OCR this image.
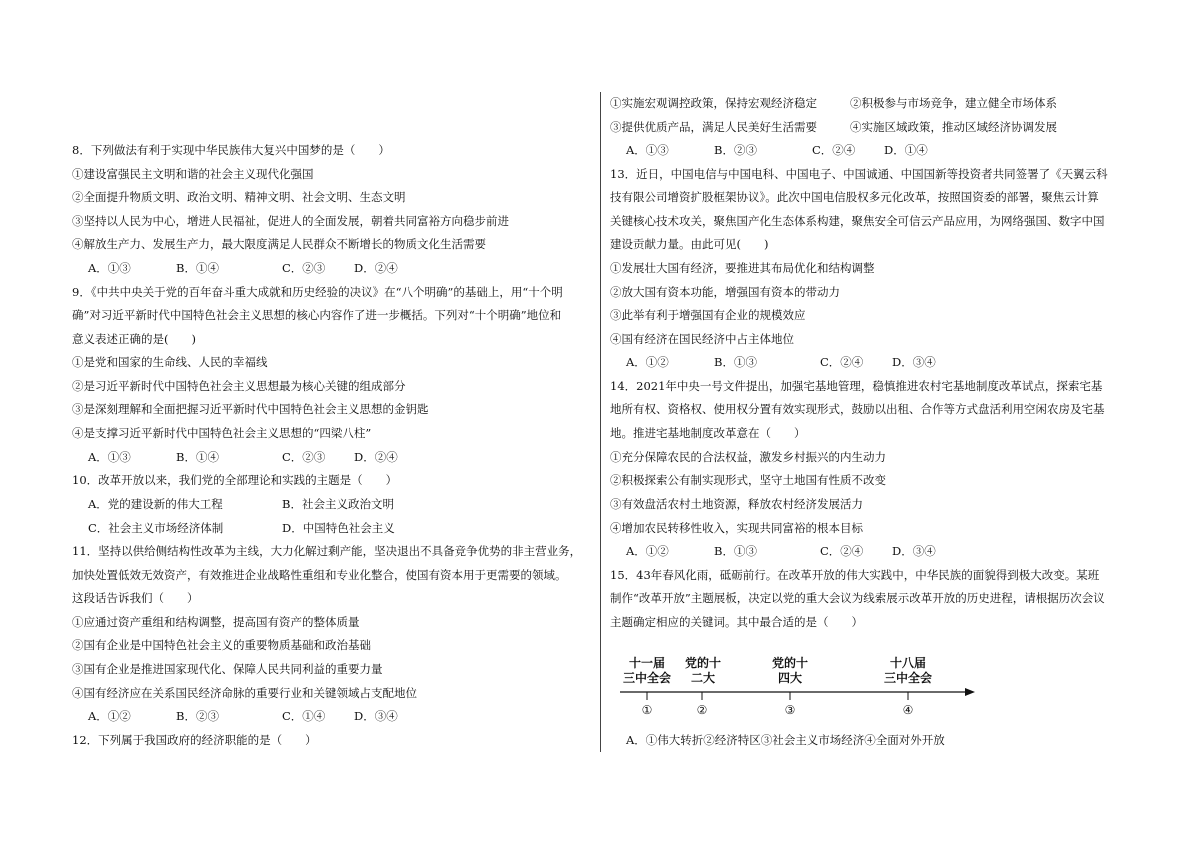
8．下列做法有利于实现中华民族伟大复兴中国梦的是（　　）
①建设富强民主文明和谐的社会主义现代化强国
②全面提升物质文明、政治文明、精神文明、社会文明、生态文明
③坚持以人民为中心，增进人民福祉，促进人的全面发展，朝着共同富裕方向稳步前进
④解放生产力、发展生产力，最大限度满足人民群众不断增长的物质文化生活需要
A．①③	B．①④	C．②③ D．②④
9．《中共中央关于党的百年奋斗重大成就和历史经验的决议》在“八个明确”的基础上，用“十个明
确”对习近平新时代中国特色社会主义思想的核心内容作了进一步概括。下列对“十个明确”地位和
意义表述正确的是(　　)
①是党和国家的生命线、人民的幸福线
②是习近平新时代中国特色社会主义思想最为核心关键的组成部分
③是深刻理解和全面把握习近平新时代中国特色社会主义思想的金钥匙
④是支撑习近平新时代中国特色社会主义思想的“四梁八柱”
A．①③	B．①④	C．②③ D．②④
10．改革开放以来，我们党的全部理论和实践的主题是（　　）
A．党的建设新的伟大工程	B．社会主义政治文明
C．社会主义市场经济体制	D．中国特色社会主义
11．坚持以供给侧结构性改革为主线，大力化解过剩产能，坚决退出不具备竞争优势的非主营业务，
加快处置低效无效资产，有效推进企业战略性重组和专业化整合，使国有资本用于更需要的领域。
这段话告诉我们（　　）
①应通过资产重组和结构调整，提高国有资产的整体质量
②国有企业是中国特色社会主义的重要物质基础和政治基础
③国有企业是推进国家现代化、保障人民共同利益的重要力量
④国有经济应在关系国民经济命脉的重要行业和关键领域占支配地位
A．①②	B．②③	C．①④ D．③④
12．下列属于我国政府的经济职能的是（　　）
①实施宏观调控政策，保持宏观经济稳定	②积极参与市场竞争，建立健全市场体系
③提供优质产品，满足人民美好生活需要	④实施区域政策，推动区域经济协调发展
A．①③	B．②③	C．②④ D．①④
13．近日，中国电信与中国电科、中国电子、中国诚通、中国国新等投资者共同签署了《天翼云科
技有限公司增资扩股框架协议》。此次中国电信股权多元化改革，按照国资委的部署，聚焦云计算
关键核心技术攻关，聚焦国产化生态体系构建，聚焦安全可信云产品应用，为网络强国、数字中国
建设贡献力量。由此可见(　　)
①发展壮大国有经济，要推进其布局优化和结构调整
②放大国有资本功能，增强国有资本的带动力
③此举有利于增强国有企业的规模效应
④国有经济在国民经济中占主体地位
A．①②	B．①③	C．②④ D．③④
14．2021年中央一号文件提出，加强宅基地管理，稳慎推进农村宅基地制度改革试点，探索宅基
地所有权、资格权、使用权分置有效实现形式，鼓励以出租、合作等方式盘活利用空闲农房及宅基
地。推进宅基地制度改革意在（　　）
①充分保障农民的合法权益，激发乡村振兴的内生动力
②积极探索公有制实现形式，坚守土地国有性质不改变
③有效盘活农村土地资源，释放农村经济发展活力
④增加农民转移性收入，实现共同富裕的根本目标
A．①②	B．①③	C．②④ D．③④
15．43年春风化雨，砥砺前行。在改革开放的伟大实践中，中华民族的面貌得到极大改变。某班
制作“改革开放”主题展板，决定以党的重大会议为线索展示改革开放的历史进程，请根据历次会议
主题确定相应的关键词。其中最合适的是（　　）
十一届
三中全会
党的十
二大
党的十
四大
十八届
三中全会
①	②	③	④
A．①伟大转折②经济特区③社会主义市场经济④全面对外开放
